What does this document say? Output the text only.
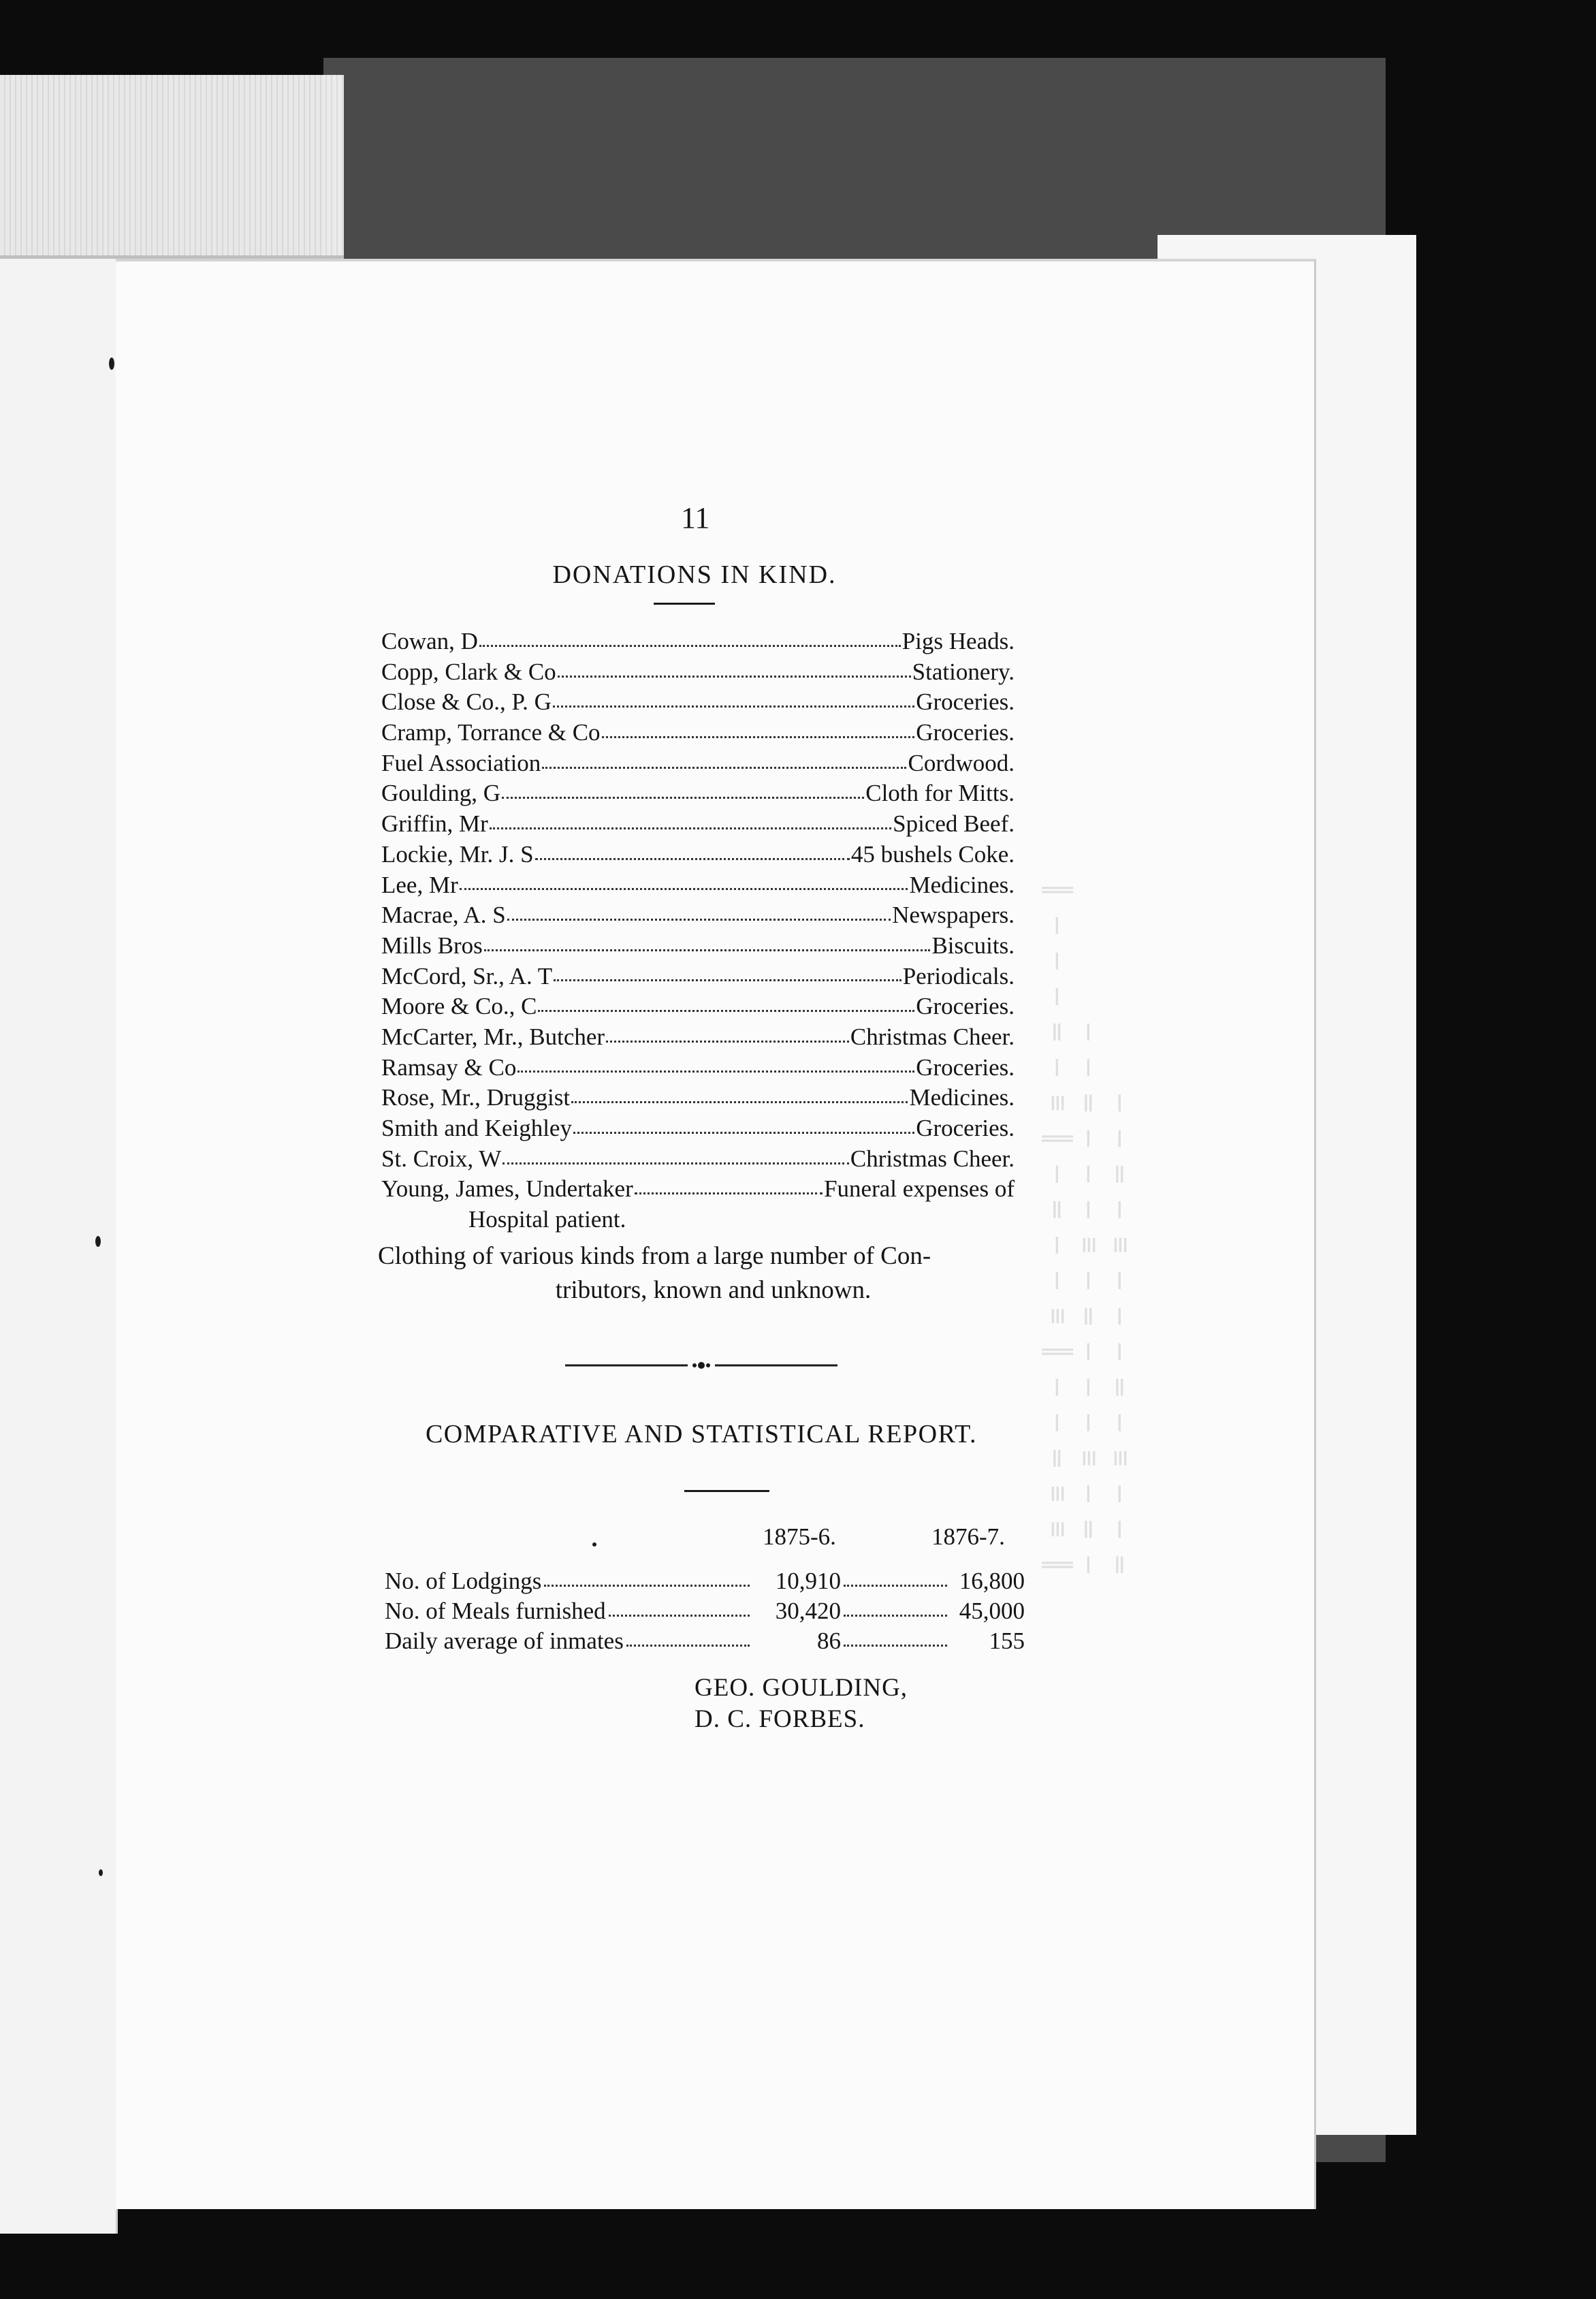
║ ≡ ≡ ═ ─ ─ ║ ≡ ─ ─ ═ ─ ║ ≡ ─ ═ ─ ─ ─ ║
─ ═ ─ ≡ ─ ─ ─ ═ ─ ≡ ─ ─ ─ ═ ─ ─
═ ─ ─ ≡ ─ ═ ─ ─ ─ ≡ ─ ═ ─ ─
11
DONATIONS IN KIND.
Cowan, D	Pigs Heads.
Copp, Clark & Co	Stationery.
Close & Co., P. G	Groceries.
Cramp, Torrance & Co	Groceries.
Fuel Association	Cordwood.
Goulding, G	Cloth for Mitts.
Griffin, Mr	Spiced Beef.
Lockie, Mr. J. S	45 bushels Coke.
Lee, Mr	Medicines.
Macrae, A. S	Newspapers.
Mills Bros	Biscuits.
McCord, Sr., A. T	Periodicals.
Moore & Co., C	Groceries.
McCarter, Mr., Butcher	Christmas Cheer.
Ramsay & Co	Groceries.
Rose, Mr., Druggist	Medicines.
Smith and Keighley	Groceries.
St. Croix, W	Christmas Cheer.
Young, James, Undertaker	Funeral expenses of
Hospital patient.
Clothing of various kinds from a large number of Con-
tributors, known and unknown.
COMPARATIVE AND STATISTICAL REPORT.
1875-6.	1876-7.
No. of Lodgings	10,910	16,800
No. of Meals furnished	30,420	45,000
Daily average of inmates	86	155
GEO. GOULDING,
D. C. FORBES.
